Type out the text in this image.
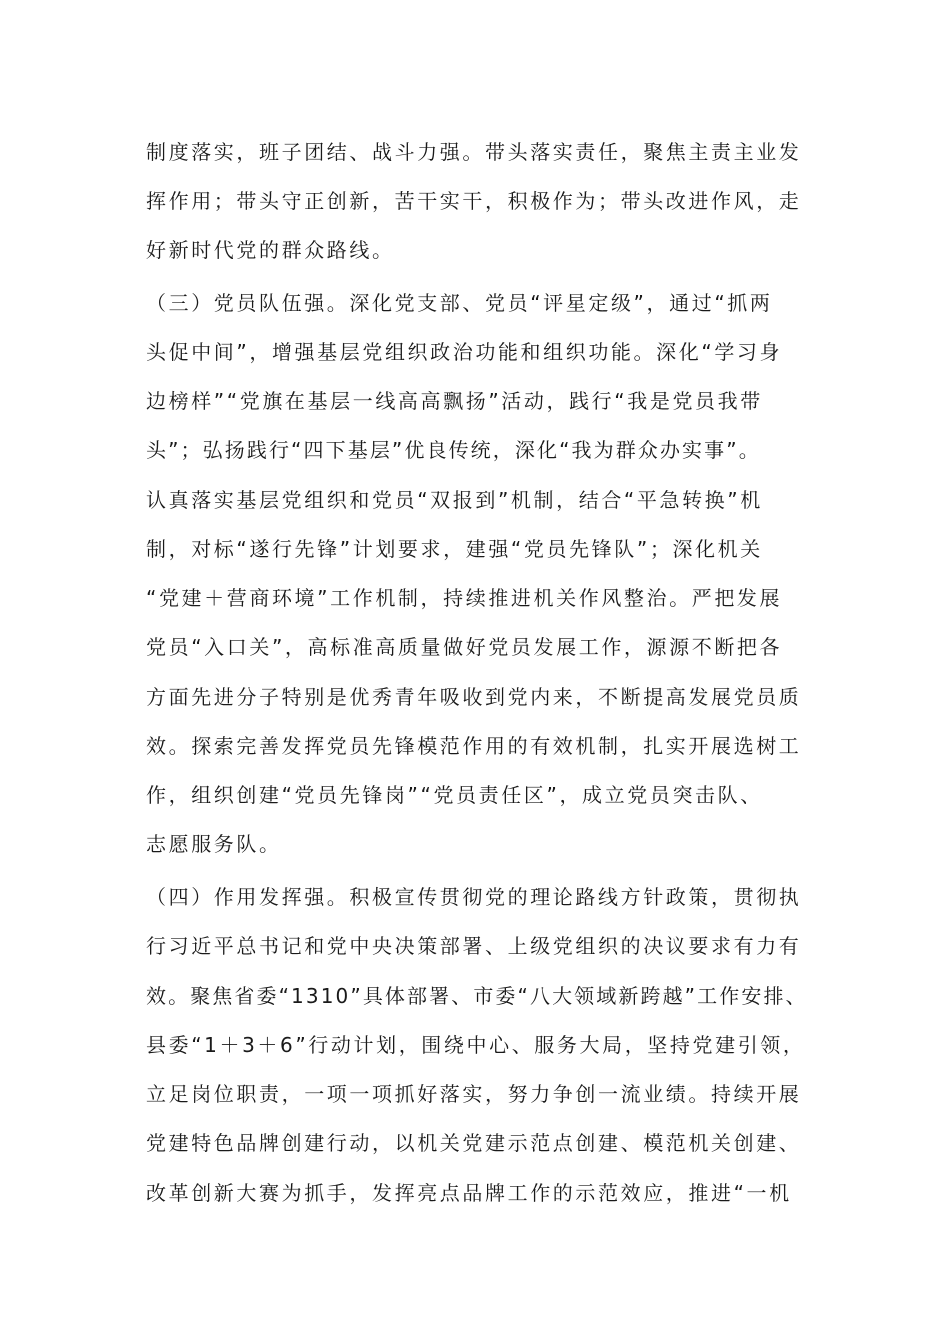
制度落实，班子团结、战斗力强。带头落实责任，聚焦主责主业发
挥作用；带头守正创新，苦干实干，积极作为；带头改进作风，走
好新时代党的群众路线。
（三）党员队伍强。深化党支部、党员“评星定级”，通过“抓两
头促中间”，增强基层党组织政治功能和组织功能。深化“学习身
边榜样”“党旗在基层一线高高飘扬”活动，践行“我是党员我带
头”；弘扬践行“四下基层”优良传统，深化“我为群众办实事”。
认真落实基层党组织和党员“双报到”机制，结合“平急转换”机
制，对标“遂行先锋”计划要求，建强“党员先锋队”；深化机关
“党建＋营商环境”工作机制，持续推进机关作风整治。严把发展
党员“入口关”，高标准高质量做好党员发展工作，源源不断把各
方面先进分子特别是优秀青年吸收到党内来，不断提高发展党员质
效。探索完善发挥党员先锋模范作用的有效机制，扎实开展选树工
作，组织创建“党员先锋岗”“党员责任区”，成立党员突击队、
志愿服务队。
（四）作用发挥强。积极宣传贯彻党的理论路线方针政策，贯彻执
行习近平总书记和党中央决策部署、上级党组织的决议要求有力有
效。聚焦省委“1310”具体部署、市委“八大领域新跨越”工作安排、
县委“1＋3＋6”行动计划，围绕中心、服务大局，坚持党建引领，
立足岗位职责，一项一项抓好落实，努力争创一流业绩。持续开展
党建特色品牌创建行动，以机关党建示范点创建、模范机关创建、
改革创新大赛为抓手，发挥亮点品牌工作的示范效应，推进“一机
